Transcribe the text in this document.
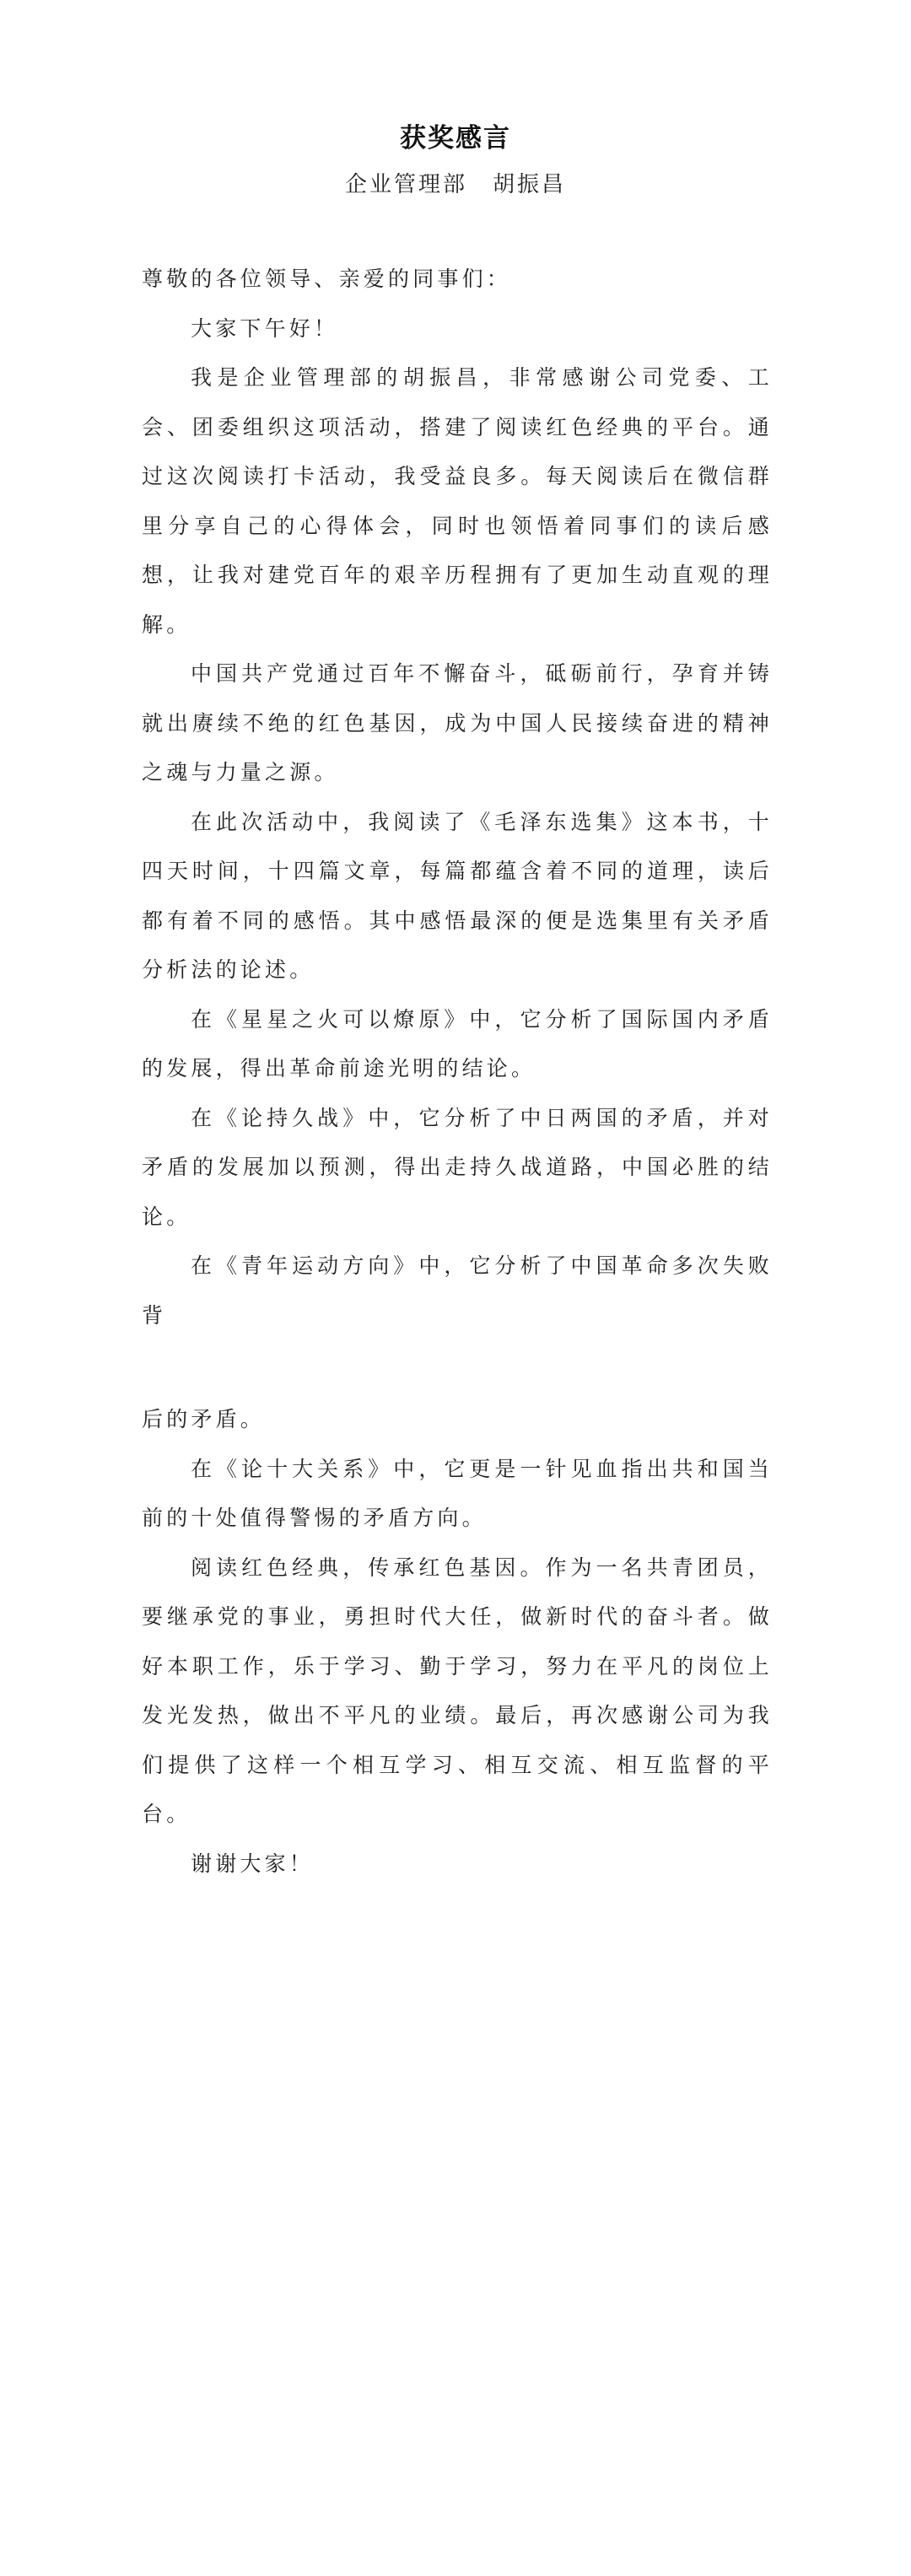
获奖感言
企业管理部 胡振昌

尊敬的各位领导、亲爱的同事们：

大家下午好！

我是企业管理部的胡振昌，非常感谢公司党委、工会、团委组织这项活动，搭建了阅读红色经典的平台。通过这次阅读打卡活动，我受益良多。每天阅读后在微信群里分享自己的心得体会，同时也领悟着同事们的读后感想，让我对建党百年的艰辛历程拥有了更加生动直观的理解。

中国共产党通过百年不懈奋斗，砥砺前行，孕育并铸就出赓续不绝的红色基因，成为中国人民接续奋进的精神之魂与力量之源。

在此次活动中，我阅读了《毛泽东选集》这本书，十四天时间，十四篇文章，每篇都蕴含着不同的道理，读后都有着不同的感悟。其中感悟最深的便是选集里有关矛盾分析法的论述。

在《星星之火可以燎原》中，它分析了国际国内矛盾的发展，得出革命前途光明的结论。

在《论持久战》中，它分析了中日两国的矛盾，并对矛盾的发展加以预测，得出走持久战道路，中国必胜的结论。

在《青年运动方向》中，它分析了中国革命多次失败背

后的矛盾。

在《论十大关系》中，它更是一针见血指出共和国当前的十处值得警惕的矛盾方向。

阅读红色经典，传承红色基因。作为一名共青团员，要继承党的事业，勇担时代大任，做新时代的奋斗者。做好本职工作，乐于学习、勤于学习，努力在平凡的岗位上发光发热，做出不平凡的业绩。最后，再次感谢公司为我们提供了这样一个相互学习、相互交流、相互监督的平台。

谢谢大家！
